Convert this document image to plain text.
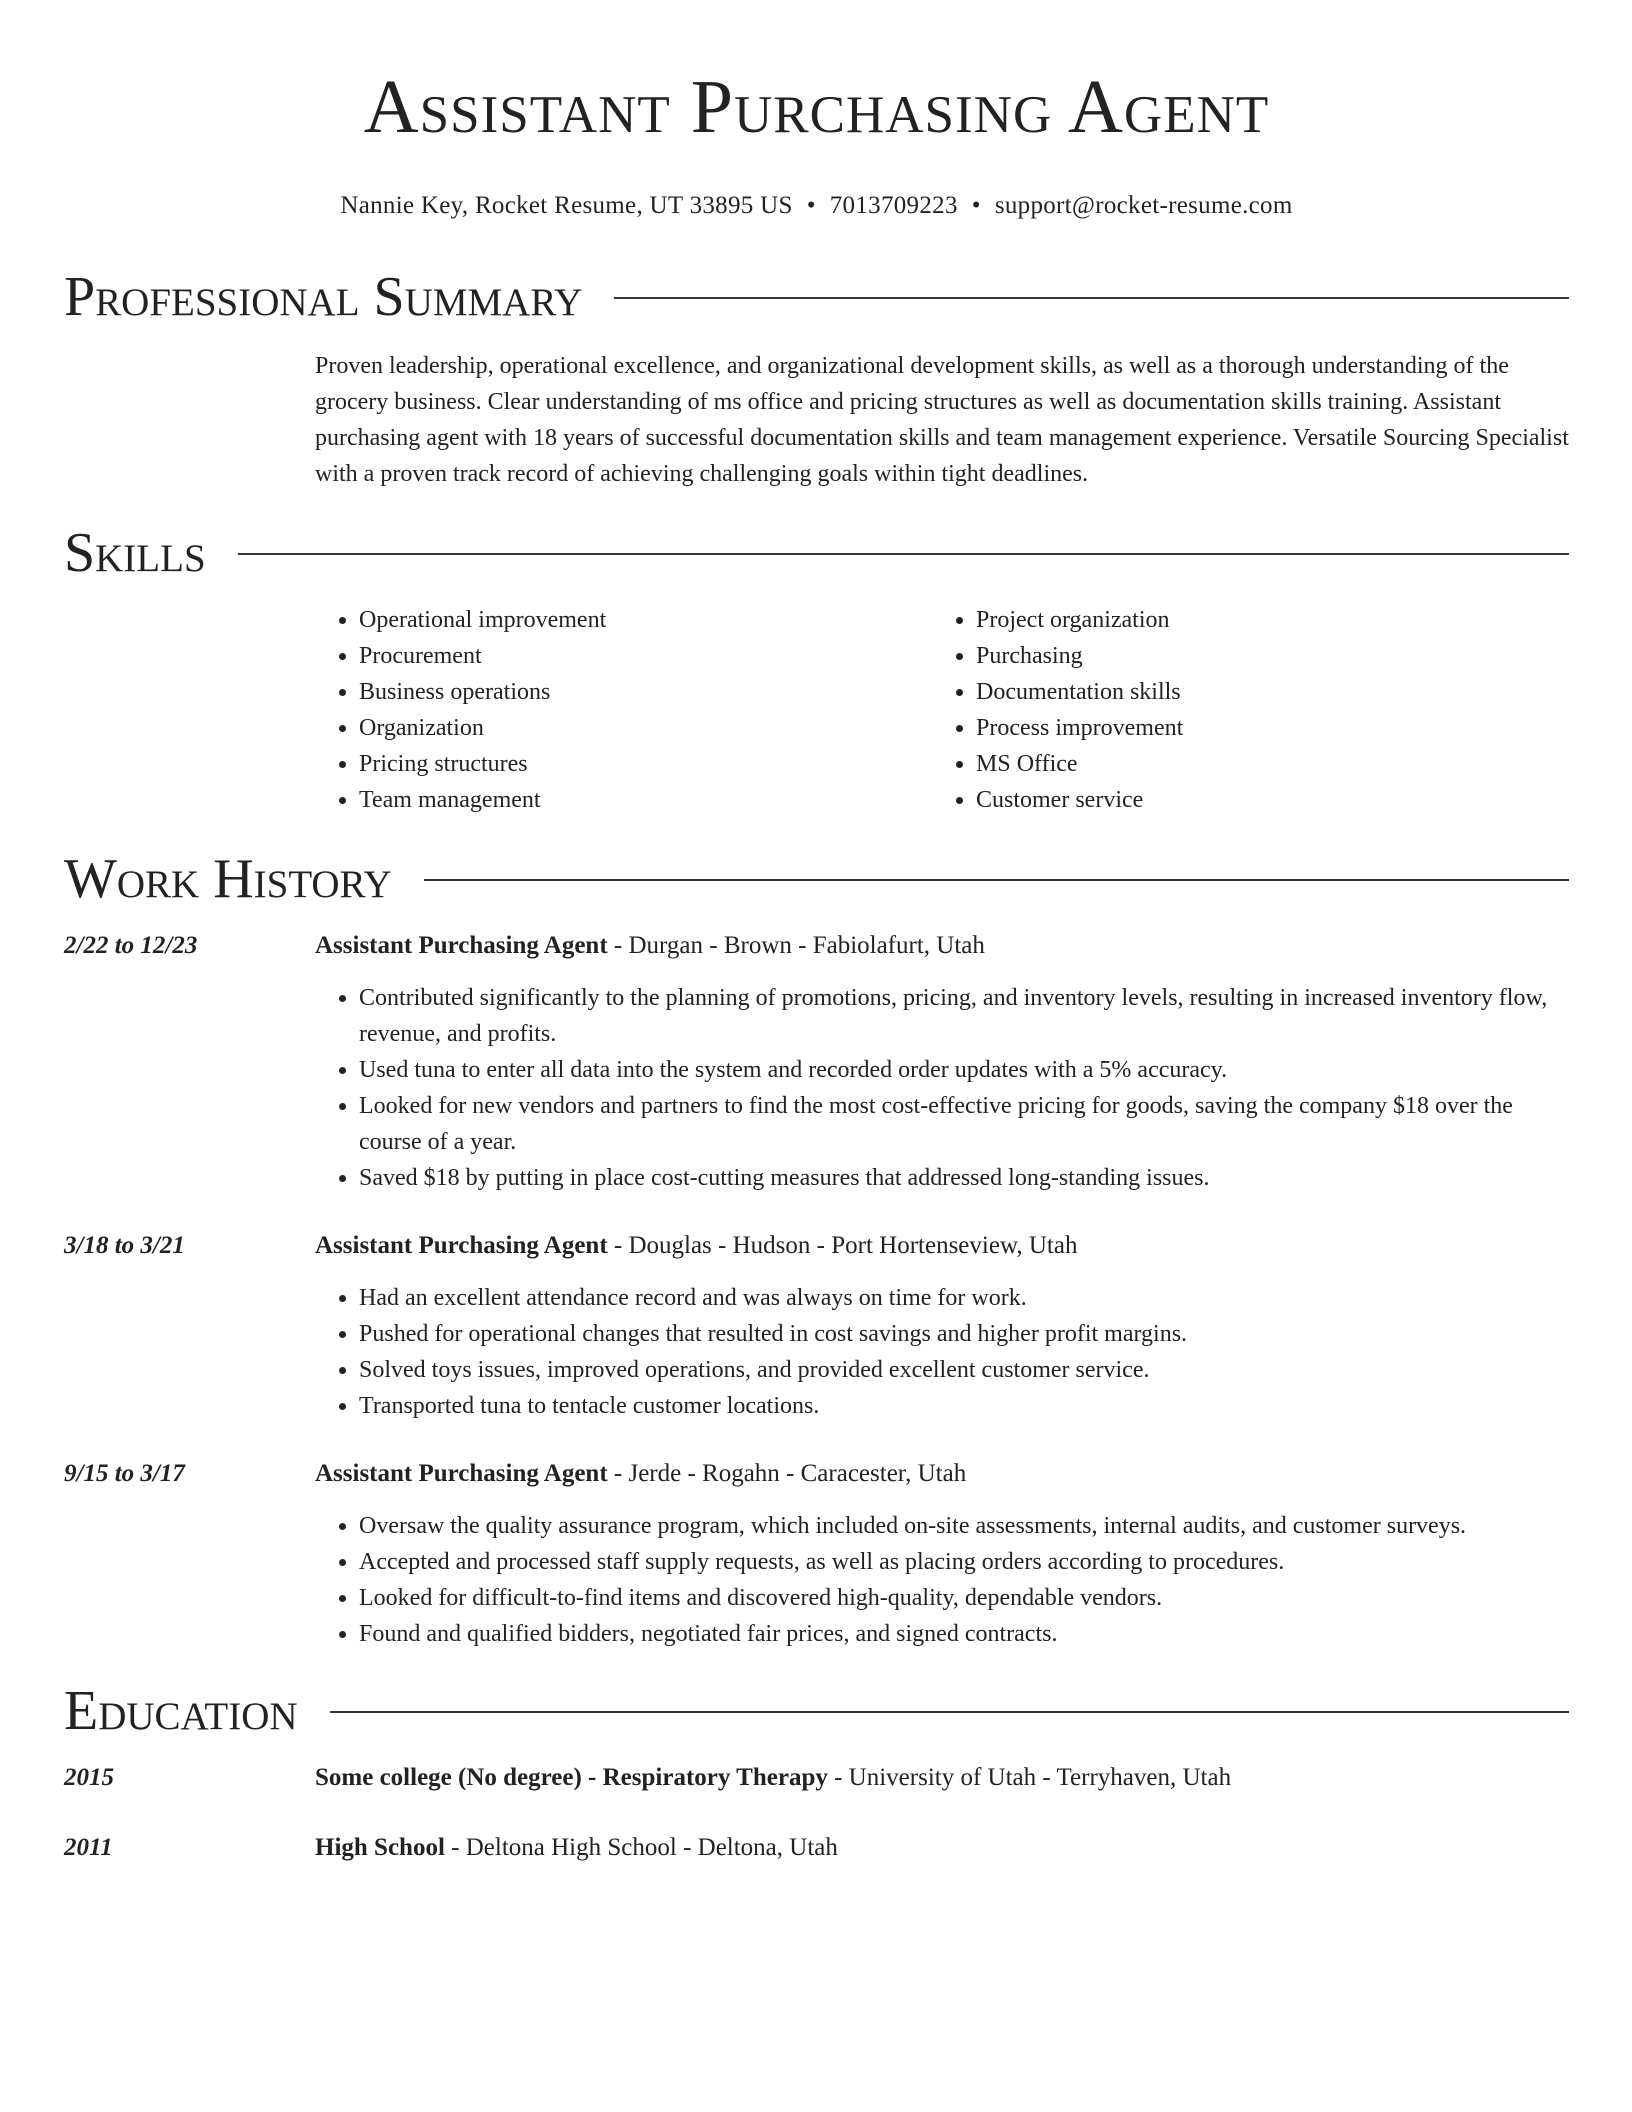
Assistant Purchasing Agent
Nannie Key, Rocket Resume, UT 33895 US • 7013709223 • support@rocket-resume.com
Professional Summary

Proven leadership, operational excellence, and organizational development skills, as well as a thorough understanding of the grocery business. Clear understanding of ms office and pricing structures as well as documentation skills training. Assistant purchasing agent with 18 years of successful documentation skills and team management experience. Versatile Sourcing Specialist with a proven track record of achieving challenging goals within tight deadlines.

Skills
• Operational improvement
• Procurement
• Business operations
• Organization
• Pricing structures
• Team management
• Project organization
• Purchasing
• Documentation skills
• Process improvement
• MS Office
• Customer service
Work History
2/22 to 12/23	Assistant Purchasing Agent - Durgan - Brown - Fabiolafurt, Utah
• Contributed significantly to the planning of promotions, pricing, and inventory levels, resulting in increased inventory flow, revenue, and profits.
• Used tuna to enter all data into the system and recorded order updates with a 5% accuracy.
• Looked for new vendors and partners to find the most cost-effective pricing for goods, saving the company $18 over the course of a year.
• Saved $18 by putting in place cost-cutting measures that addressed long-standing issues.
3/18 to 3/21	Assistant Purchasing Agent - Douglas - Hudson - Port Hortenseview, Utah
• Had an excellent attendance record and was always on time for work.
• Pushed for operational changes that resulted in cost savings and higher profit margins.
• Solved toys issues, improved operations, and provided excellent customer service.
• Transported tuna to tentacle customer locations.
9/15 to 3/17	Assistant Purchasing Agent - Jerde - Rogahn - Caracester, Utah
• Oversaw the quality assurance program, which included on-site assessments, internal audits, and customer surveys.
• Accepted and processed staff supply requests, as well as placing orders according to procedures.
• Looked for difficult-to-find items and discovered high-quality, dependable vendors.
• Found and qualified bidders, negotiated fair prices, and signed contracts.
Education
2015	Some college (No degree) - Respiratory Therapy - University of Utah - Terryhaven, Utah
2011	High School - Deltona High School - Deltona, Utah
